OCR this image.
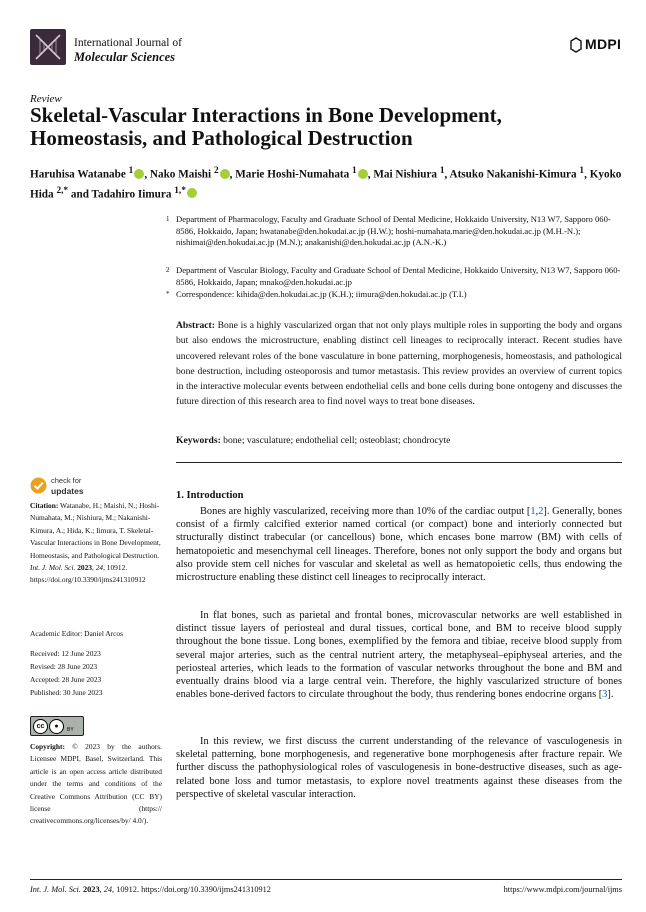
International Journal of
Molecular Sciences
MDPI
Review
Skeletal-Vascular Interactions in Bone Development, Homeostasis, and Pathological Destruction
Haruhisa Watanabe $^1$ , Nako Maishi $^2$ , Marie Hoshi-Numahata $^1$ , Mai Nishiura $^1$, Atsuko Nakanishi-Kimura $^1$, Kyoko Hida $^{2,*}$ and Tadahiro Iimura $^{1,*}$
1 Department of Pharmacology, Faculty and Graduate School of Dental Medicine, Hokkaido University, N13 W7, Sapporo 060-8586, Hokkaido, Japan; hwatanabe@den.hokudai.ac.jp (H.W.); hoshi-numahata.marie@den.hokudai.ac.jp (M.H.-N.); nishimai@den.hokudai.ac.jp (M.N.); anakanishi@den.hokudai.ac.jp (A.N.-K.)
2 Department of Vascular Biology, Faculty and Graduate School of Dental Medicine, Hokkaido University, N13 W7, Sapporo 060-8586, Hokkaido, Japan; mnako@den.hokudai.ac.jp
* Correspondence: kihida@den.hokudai.ac.jp (K.H.); iimura@den.hokudai.ac.jp (T.I.)
Abstract: Bone is a highly vascularized organ that not only plays multiple roles in supporting the body and organs but also endows the microstructure, enabling distinct cell lineages to reciprocally interact. Recent studies have uncovered relevant roles of the bone vasculature in bone patterning, morphogenesis, homeostasis, and pathological bone destruction, including osteoporosis and tumor metastasis. This review provides an overview of current topics in the interactive molecular events between endothelial cells and bone cells during bone ontogeny and discusses the future direction of this research area to find novel ways to treat bone diseases.
Keywords: bone; vasculature; endothelial cell; osteoblast; chondrocyte
check for
updates
Citation: Watanabe, H.; Maishi, N.; Hoshi-Numahata, M.; Nishiura, M.; Nakanishi-Kimura, A.; Hida, K.; Iimura, T. Skeletal-Vascular Interactions in Bone Development, Homeostasis, and Pathological Destruction. Int. J. Mol. Sci. 2023, 24, 10912. https://doi.org/10.3390/ijms241310912
Academic Editor: Daniel Arcos
Received: 12 June 2023
Revised: 28 June 2023
Accepted: 28 June 2023
Published: 30 June 2023
cc	●	BY
Copyright: © 2023 by the authors. Licensee MDPI, Basel, Switzerland. This article is an open access article distributed under the terms and conditions of the Creative Commons Attribution (CC BY) license (https:// creativecommons.org/licenses/by/ 4.0/).
1. Introduction
Bones are highly vascularized, receiving more than 10% of the cardiac output [1,2]. Generally, bones consist of a firmly calcified exterior named cortical (or compact) bone and interiorly connected but structurally distinct trabecular (or cancellous) bone, which encases bone marrow (BM) with cells of hematopoietic and mesenchymal cell lineages. Therefore, bones not only support the body and organs but also provide stem cell niches for vascular and skeletal as well as hematopoietic cells, thus endowing the microstructure enabling these distinct cell lineages to reciprocally interact.
In flat bones, such as parietal and frontal bones, microvascular networks are well established in distinct tissue layers of periosteal and dural tissues, cortical bone, and BM to receive blood supply throughout the bone tissue. Long bones, exemplified by the femora and tibiae, receive blood supply from several major arteries, such as the central nutrient artery, the metaphyseal–epiphyseal arteries, and the periosteal arteries, which leads to the formation of vascular networks throughout the bone and BM and eventually drains blood via a large central vein. Therefore, the highly vascularized structure of bones enables bone-derived factors to circulate throughout the body, thus rendering bones endocrine organs [3].
In this review, we first discuss the current understanding of the relevance of vasculogenesis in skeletal patterning, bone morphogenesis, and regenerative bone morphogenesis after fracture repair. We further discuss the pathophysiological roles of vasculogenesis in bone-destructive diseases, such as age-related bone loss and tumor metastasis, to explore novel treatments against these diseases from the perspective of skeletal vascular interaction.
Int. J. Mol. Sci. 2023, 24, 10912. https://doi.org/10.3390/ijms241310912	https://www.mdpi.com/journal/ijms
